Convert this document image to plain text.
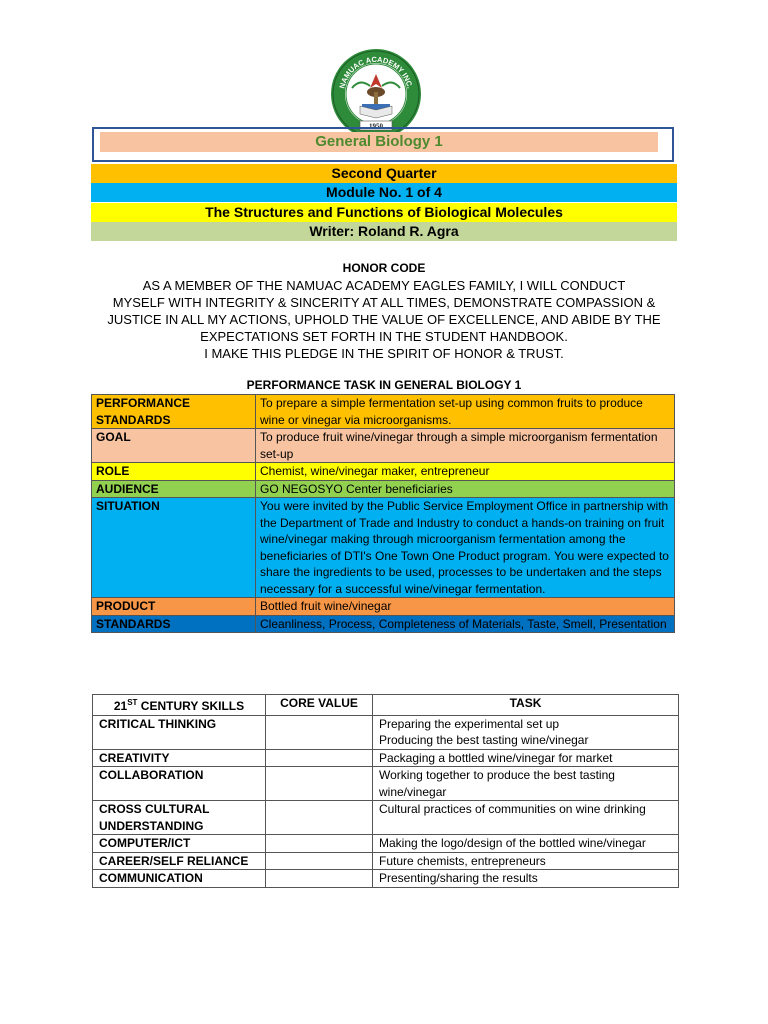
NAMUAC ACADEMY INC.
1950
General Biology 1
Second Quarter
Module No. 1 of 4
The Structures and Functions of Biological Molecules
Writer: Roland R. Agra
HONOR CODE
AS A MEMBER OF THE NAMUAC ACADEMY EAGLES FAMILY, I WILL CONDUCT
MYSELF WITH INTEGRITY & SINCERITY AT ALL TIMES, DEMONSTRATE COMPASSION &
JUSTICE IN ALL MY ACTIONS, UPHOLD THE VALUE OF EXCELLENCE, AND ABIDE BY THE
EXPECTATIONS SET FORTH IN THE STUDENT HANDBOOK.
I MAKE THIS PLEDGE IN THE SPIRIT OF HONOR & TRUST.
PERFORMANCE TASK IN GENERAL BIOLOGY 1
PERFORMANCE STANDARDS	To prepare a simple fermentation set-up using common fruits to produce wine or vinegar via microorganisms.
GOAL	To produce fruit wine/vinegar through a simple microorganism fermentation set-up
ROLE	Chemist, wine/vinegar maker, entrepreneur
AUDIENCE	GO NEGOSYO Center beneficiaries
SITUATION	You were invited by the Public Service Employment Office in partnership with the Department of Trade and Industry to conduct a hands-on training on fruit wine/vinegar making through microorganism fermentation among the beneficiaries of DTI's One Town One Product program. You were expected to share the ingredients to be used, processes to be undertaken and the steps necessary for a successful wine/vinegar fermentation.
PRODUCT	Bottled fruit wine/vinegar
STANDARDS	Cleanliness, Process, Completeness of Materials, Taste, Smell, Presentation
21ST CENTURY SKILLS	CORE VALUE	TASK
CRITICAL THINKING		Preparing the experimental set up
Producing the best tasting wine/vinegar
CREATIVITY		Packaging a bottled wine/vinegar for market
COLLABORATION		Working together to produce the best tasting wine/vinegar
CROSS CULTURAL UNDERSTANDING		Cultural practices of communities on wine drinking
COMPUTER/ICT		Making the logo/design of the bottled wine/vinegar
CAREER/SELF RELIANCE		Future chemists, entrepreneurs
COMMUNICATION		Presenting/sharing the results
